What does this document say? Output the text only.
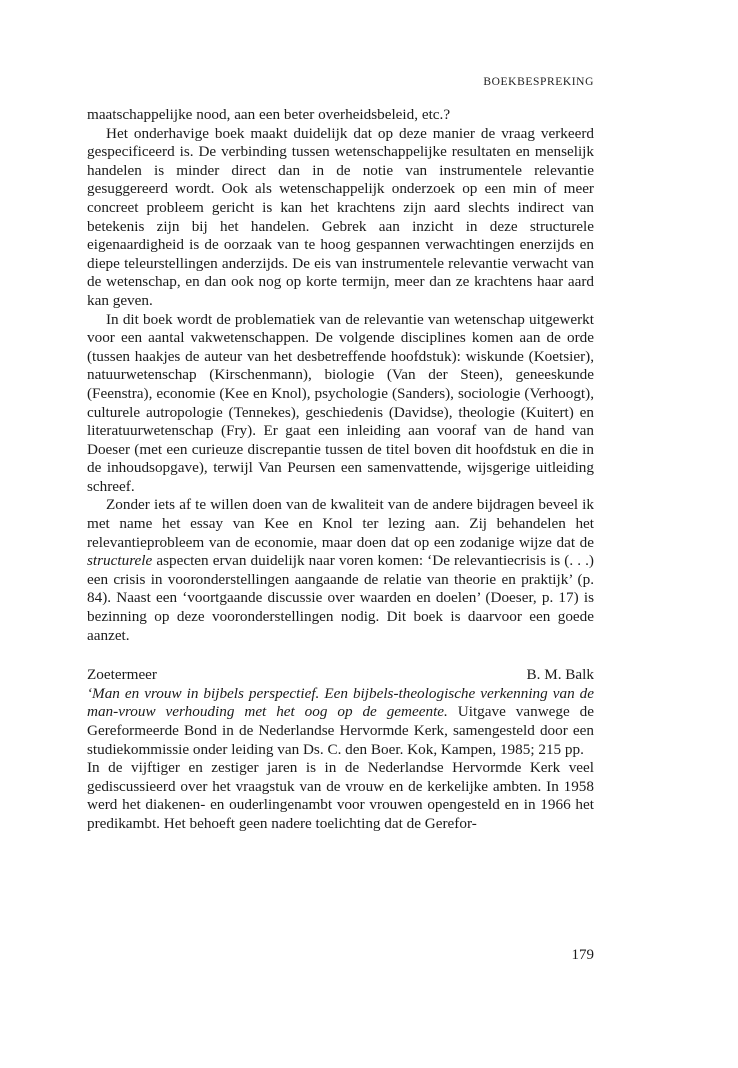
BOEKBESPREKING

maatschappelijke nood, aan een beter overheidsbeleid, etc.?

Het onderhavige boek maakt duidelijk dat op deze manier de vraag verkeerd gespecificeerd is. De verbinding tussen wetenschappelijke resultaten en menselijk handelen is minder direct dan in de notie van instrumentele relevantie gesuggereerd wordt. Ook als wetenschappelijk onderzoek op een min of meer concreet probleem gericht is kan het krachtens zijn aard slechts indirect van betekenis zijn bij het handelen. Gebrek aan inzicht in deze structurele eigenaardigheid is de oorzaak van te hoog gespannen verwachtingen enerzijds en diepe teleurstellingen anderzijds. De eis van instrumentele relevantie verwacht van de wetenschap, en dan ook nog op korte termijn, meer dan ze krachtens haar aard kan geven.

In dit boek wordt de problematiek van de relevantie van wetenschap uitgewerkt voor een aantal vakwetenschappen. De volgende disciplines komen aan de orde (tussen haakjes de auteur van het desbetreffende hoofdstuk): wiskunde (Koetsier), natuurwetenschap (Kirschenmann), biologie (Van der Steen), geneeskunde (Feenstra), economie (Kee en Knol), psychologie (Sanders), sociologie (Verhoogt), culturele autropologie (Tennekes), geschiedenis (Davidse), theologie (Kuitert) en literatuurwetenschap (Fry). Er gaat een inleiding aan vooraf van de hand van Doeser (met een curieuze discrepantie tussen de titel boven dit hoofdstuk en die in de inhoudsopgave), terwijl Van Peursen een samenvattende, wijsgerige uitleiding schreef.

Zonder iets af te willen doen van de kwaliteit van de andere bijdragen beveel ik met name het essay van Kee en Knol ter lezing aan. Zij behandelen het relevantieprobleem van de economie, maar doen dat op een zodanige wijze dat de structurele aspecten ervan duidelijk naar voren komen: ‘De relevantiecrisis is (. . .) een crisis in vooronderstellingen aangaande de relatie van theorie en praktijk’ (p. 84). Naast een ‘voortgaande discussie over waarden en doelen’ (Doeser, p. 17) is bezinning op deze vooronderstellingen nodig. Dit boek is daarvoor een goede aanzet.

Zoetermeer	B. M. Balk

‘Man en vrouw in bijbels perspectief. Een bijbels-theologische verkenning van de man-vrouw verhouding met het oog op de gemeente. Uitgave vanwege de Gereformeerde Bond in de Nederlandse Hervormde Kerk, samengesteld door een studiekommissie onder leiding van Ds. C. den Boer. Kok, Kampen, 1985; 215 pp.

In de vijftiger en zestiger jaren is in de Nederlandse Hervormde Kerk veel gediscussieerd over het vraagstuk van de vrouw en de kerkelijke ambten. In 1958 werd het diakenen- en ouderlingenambt voor vrouwen opengesteld en in 1966 het predikambt. Het behoeft geen nadere toelichting dat de Gerefor-

179
